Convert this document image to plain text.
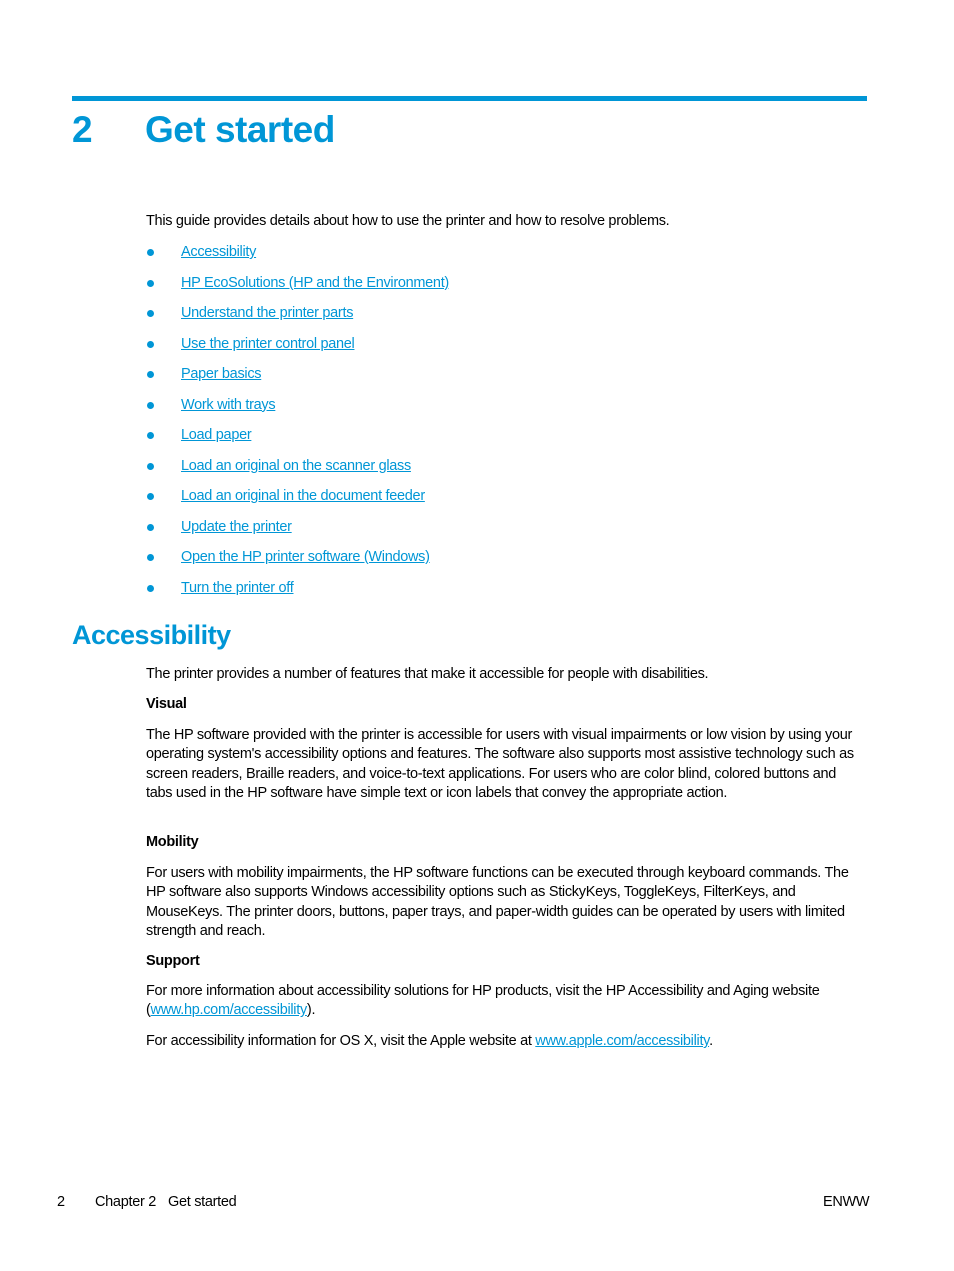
2 Get started
This guide provides details about how to use the printer and how to resolve problems.
Accessibility
HP EcoSolutions (HP and the Environment)
Understand the printer parts
Use the printer control panel
Paper basics
Work with trays
Load paper
Load an original on the scanner glass
Load an original in the document feeder
Update the printer
Open the HP printer software (Windows)
Turn the printer off
Accessibility
The printer provides a number of features that make it accessible for people with disabilities.
Visual
The HP software provided with the printer is accessible for users with visual impairments or low vision by using your operating system's accessibility options and features. The software also supports most assistive technology such as screen readers, Braille readers, and voice-to-text applications. For users who are color blind, colored buttons and tabs used in the HP software have simple text or icon labels that convey the appropriate action.
Mobility
For users with mobility impairments, the HP software functions can be executed through keyboard commands. The HP software also supports Windows accessibility options such as StickyKeys, ToggleKeys, FilterKeys, and MouseKeys. The printer doors, buttons, paper trays, and paper-width guides can be operated by users with limited strength and reach.
Support
For more information about accessibility solutions for HP products, visit the HP Accessibility and Aging website (www.hp.com/accessibility).
For accessibility information for OS X, visit the Apple website at www.apple.com/accessibility.
2 Chapter 2 Get started	ENWW
